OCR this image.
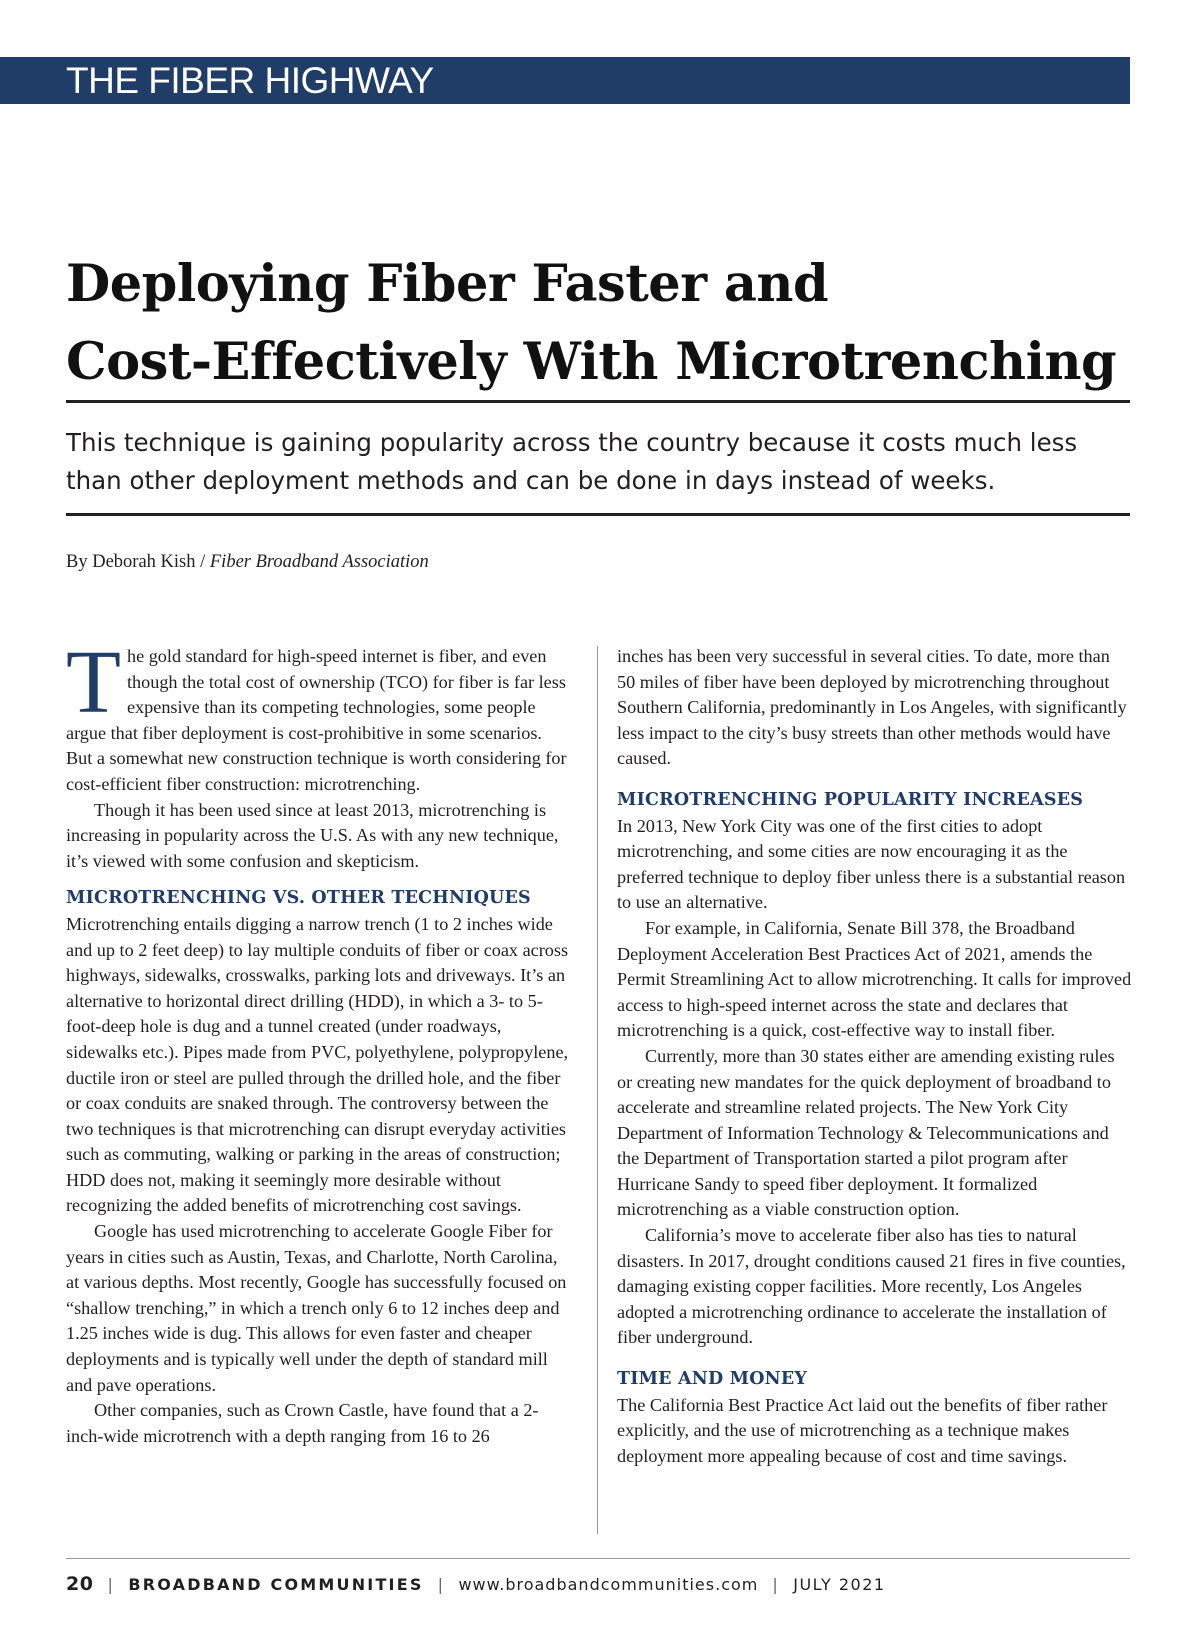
THE FIBER HIGHWAY
Deploying Fiber Faster and
Cost-Effectively With Microtrenching

This technique is gaining popularity across the country because it costs much less than other deployment methods and can be done in days instead of weeks.

By Deborah Kish / Fiber Broadband Association

The gold standard for high-speed internet is fiber, and even though the total cost of ownership (TCO) for fiber is far less expensive than its competing technologies, some people argue that fiber deployment is cost-prohibitive in some scenarios. But a somewhat new construction technique is worth considering for cost-efficient fiber construction: microtrenching.

Though it has been used since at least 2013, microtrenching is increasing in popularity across the U.S. As with any new technique, it’s viewed with some confusion and skepticism.

MICROTRENCHING VS. OTHER TECHNIQUES

Microtrenching entails digging a narrow trench (1 to 2 inches wide and up to 2 feet deep) to lay multiple conduits of fiber or coax across highways, sidewalks, crosswalks, parking lots and driveways. It’s an alternative to horizontal direct drilling (HDD), in which a 3- to 5-foot-deep hole is dug and a tunnel created (under roadways, sidewalks etc.). Pipes made from PVC, polyethylene, polypropylene, ductile iron or steel are pulled through the drilled hole, and the fiber or coax conduits are snaked through. The controversy between the two techniques is that microtrenching can disrupt everyday activities such as commuting, walking or parking in the areas of construction; HDD does not, making it seemingly more desirable without recognizing the added benefits of microtrenching cost savings.

Google has used microtrenching to accelerate Google Fiber for years in cities such as Austin, Texas, and Charlotte, North Carolina, at various depths. Most recently, Google has successfully focused on “shallow trenching,” in which a trench only 6 to 12 inches deep and 1.25 inches wide is dug. This allows for even faster and cheaper deployments and is typically well under the depth of standard mill and pave operations.

Other companies, such as Crown Castle, have found that a 2-inch-wide microtrench with a depth ranging from 16 to 26

inches has been very successful in several cities. To date, more than 50 miles of fiber have been deployed by microtrenching throughout Southern California, predominantly in Los Angeles, with significantly less impact to the city’s busy streets than other methods would have caused.

MICROTRENCHING POPULARITY INCREASES

In 2013, New York City was one of the first cities to adopt microtrenching, and some cities are now encouraging it as the preferred technique to deploy fiber unless there is a substantial reason to use an alternative.

For example, in California, Senate Bill 378, the Broadband Deployment Acceleration Best Practices Act of 2021, amends the Permit Streamlining Act to allow microtrenching. It calls for improved access to high-speed internet across the state and declares that microtrenching is a quick, cost-effective way to install fiber.

Currently, more than 30 states either are amending existing rules or creating new mandates for the quick deployment of broadband to accelerate and streamline related projects. The New York City Department of Information Technology & Telecommunications and the Department of Transportation started a pilot program after Hurricane Sandy to speed fiber deployment. It formalized microtrenching as a viable construction option.

California’s move to accelerate fiber also has ties to natural disasters. In 2017, drought conditions caused 21 fires in five counties, damaging existing copper facilities. More recently, Los Angeles adopted a microtrenching ordinance to accelerate the installation of fiber underground.

TIME AND MONEY

The California Best Practice Act laid out the benefits of fiber rather explicitly, and the use of microtrenching as a technique makes deployment more appealing because of cost and time savings.

20 | BROADBAND COMMUNITIES | www.broadbandcommunities.com | JULY 2021
